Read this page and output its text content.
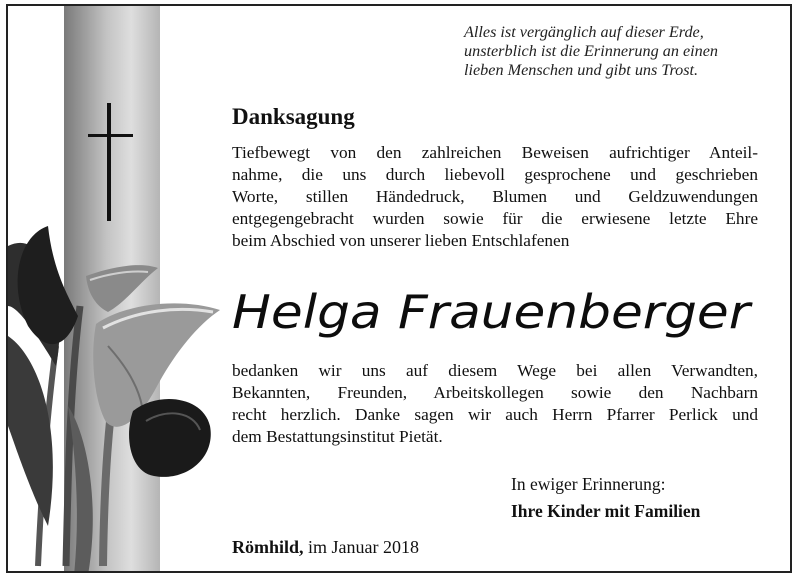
Alles ist vergänglich auf dieser Erde,
unsterblich ist die Erinnerung an einen
lieben Menschen und gibt uns Trost.
Danksagung
Tiefbewegt von den zahlreichen Beweisen aufrichtiger Anteil-
nahme, die uns durch liebevoll gesprochene und geschrieben
Worte, stillen Händedruck, Blumen und Geldzuwendungen
entgegengebracht wurden sowie für die erwiesene letzte Ehre
beim Abschied von unserer lieben Entschlafenen
Helga Frauenberger
bedanken wir uns auf diesem Wege bei allen Verwandten,
Bekannten, Freunden, Arbeitskollegen sowie den Nachbarn
recht herzlich. Danke sagen wir auch Herrn Pfarrer Perlick und
dem Bestattungsinstitut Pietät.
In ewiger Erinnerung:
Ihre Kinder mit Familien
Römhild, im Januar 2018
